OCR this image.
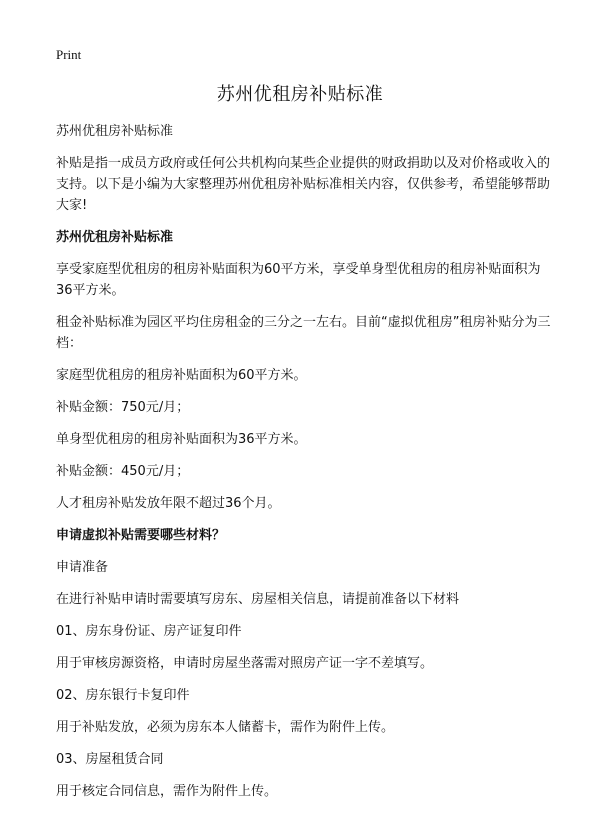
Print
苏州优租房补贴标准
苏州优租房补贴标准
补贴是指一成员方政府或任何公共机构向某些企业提供的财政捐助以及对价格或收入的支持。以下是小编为大家整理苏州优租房补贴标准相关内容，仅供参考，希望能够帮助大家!
苏州优租房补贴标准
享受家庭型优租房的租房补贴面积为60平方米，享受单身型优租房的租房补贴面积为36平方米。
租金补贴标准为园区平均住房租金的三分之一左右。目前“虚拟优租房”租房补贴分为三档：
家庭型优租房的租房补贴面积为60平方米。
补贴金额：750元/月；
单身型优租房的租房补贴面积为36平方米。
补贴金额：450元/月；
人才租房补贴发放年限不超过36个月。
申请虚拟补贴需要哪些材料？
申请准备
在进行补贴申请时需要填写房东、房屋相关信息，请提前准备以下材料
01、房东身份证、房产证复印件
用于审核房源资格，申请时房屋坐落需对照房产证一字不差填写。
02、房东银行卡复印件
用于补贴发放，必须为房东本人储蓄卡，需作为附件上传。
03、房屋租赁合同
用于核定合同信息，需作为附件上传。
